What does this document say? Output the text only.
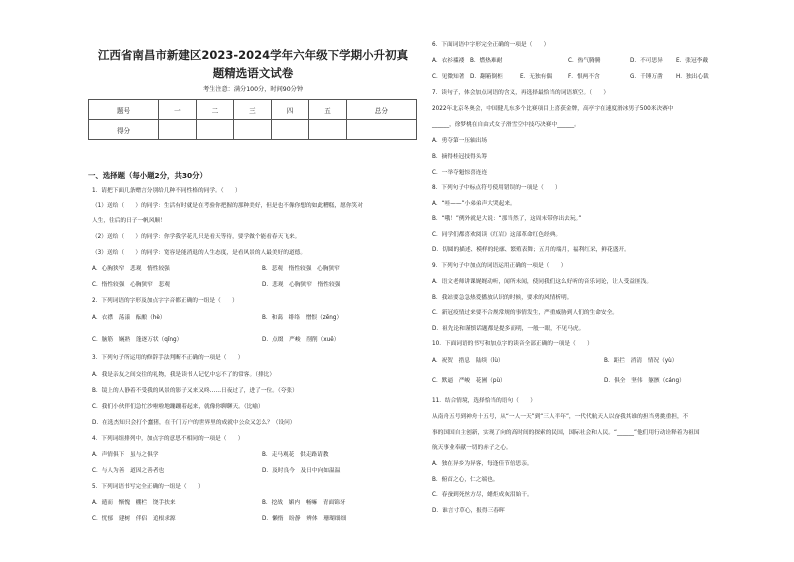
江西省南昌市新建区2023-2024学年六年级下学期小升初真
题精选语文试卷
考生注意：满分100分，时间90分钟
题号	一	二	三	四	五	总分
得分						
一、选择题（每小题2分，共30分）
1．请把下面几条赠言分别给几种不同性格的同学。（　　）
（1）送给（　　）的同学：生活有时就是在考验你把握的那种美好，但是也不像你想的如此糟糕，愿你笑对
人生，往后的日子一帆风顺！
（2）送给（　　）的同学：你学我学花儿只是看天等待，要学做个能看春天飞来。
（3）送给（　　）的同学：宽容是能消退的人生态度，是看风景的人最美好的道德。
A．心胸狭窄　悲观　惰性较强	B．悲观　惰性较强　心胸狭窄
C．惰性较强　心胸狭窄　悲观	D．悲观　心胸狭窄　惰性较强
2．下列词语的字形及加点字字音都正确的一组是（　　）
A．衣襟　荡漾　酝酿（hè）	B．和蔼　绯络　憎恨（zēng）
C．脑筋　娴熟　蓬逐万状（qǐng）	D．点缀　严峻　削削（xuē）
3．下列句子所运用的修辞手法判断不正确的一项是（　　）
A．我是亲友之间交往的礼物，我是读书人记忆中忘不了的常客。（排比）
B．镜上的人静着不受我的风景的影子又来又咚……日夜过了，进了一位。（夸张）
C．我们小伙伴们急忙沙啦啦地蹦蹦着起来，就像你聊聊天。（比喻）
D．在选杰知只会打个蠢猪，在千门万户的世界里的成就中公众又怎么？（设问）
4．下列词组排列中，加点字的意思不相同的一项是（　　）
A．声情俱下　虽与之俱学	B．走马观花　供走路请教
C．与人为善　道因之善者也	D．及时良今　及日中向如温温
5．下列词语书写完全正确的一组是（　　）
A．遁而　惭愧　棚栏　饶手扶来	B．挖战　媚内　畅嘛　青面锦牙
C．忧郁　建树　伴侣　追根求源	D．懒惰　盼静　辨体　珊瑚细细
6．下面词语中字形完全正确的一项是（　　）
A．衣衫褴褛 B．燃热难耐	C．热气腾腾	D．不可思异 E．张冠李戴
C．见微知著 D．翻箱倒柜	E．无独有偶	F．恨两不含	G．千锤万凿 H．独出心裁
7．读句子，体会加点词语的含义，再选择最恰当的词语填空。（　　）
2022年北京冬奥会，中国健儿东多个比赛项目上喜获金牌，高亭宇在速度滑冰男子500米决赛中
______，徐梦桃在自由式女子滑雪空中技巧决赛中______。
A．勇夺第一压轴出场
B．摘得桂冠技得头筹
C．一举夺魁惊喜连连
8．下列句子中标点符号使用错误的一项是（　　）
A．“哇——”小弟弟声大哭起来。
B．“哦！”例外就是大说：“那当然了，这周末带你出去玩。”
C．同学们都喜欢阅读《红岩》这部革命红色经典。
D．切圆的描述、模样的轮廓、繁殖表舞；五月的端月，福利红采，鲜花盛开。
9．下列句子中加点的词语运用正确的一项是（　　）
A．语文老师讲课娓娓动听，闻所未闻，使同我们这么好听的音乐词论，让人受益匪浅。
B．我站要急急热爱播放认识的时候，要求的风情析明。
C．新冠疫情过来要不合规常规的事情发生，严重威胁到人们的生命安全。
D．祖先论和谨慎话题都是提多而明，一般一眼，不见马虎。
10．下面词语的书写和加点字的读音全部正确的一项是（　　）
A．祝贺　措息　陆续（lù）	B．距拦　消清　情况（yù）
C．默逼　严峻　花圃（pù）	D．俱全　坚伟　躯骸（cáng）
11．结合情境，选择恰当的语句（　　）
从南舟五号到神舟十五号，从“一人一天”到“三人半年”，一代代航天人以奋我其谁的担当勇挑重担，不
事的国国自主创新，实现了向的高时间的探索的民国，国际社会和人民。“______”他们用行动诠释着为祖国
航天事业奉献一切的赤子之心。
A．独在异乡为异客，每逢佳节倍思亲。
B．俯首之心，仁之端也。
C．春蚕到死丝方尽，蜡炬成灰泪始干。
D．谁言寸草心，报得三春晖
